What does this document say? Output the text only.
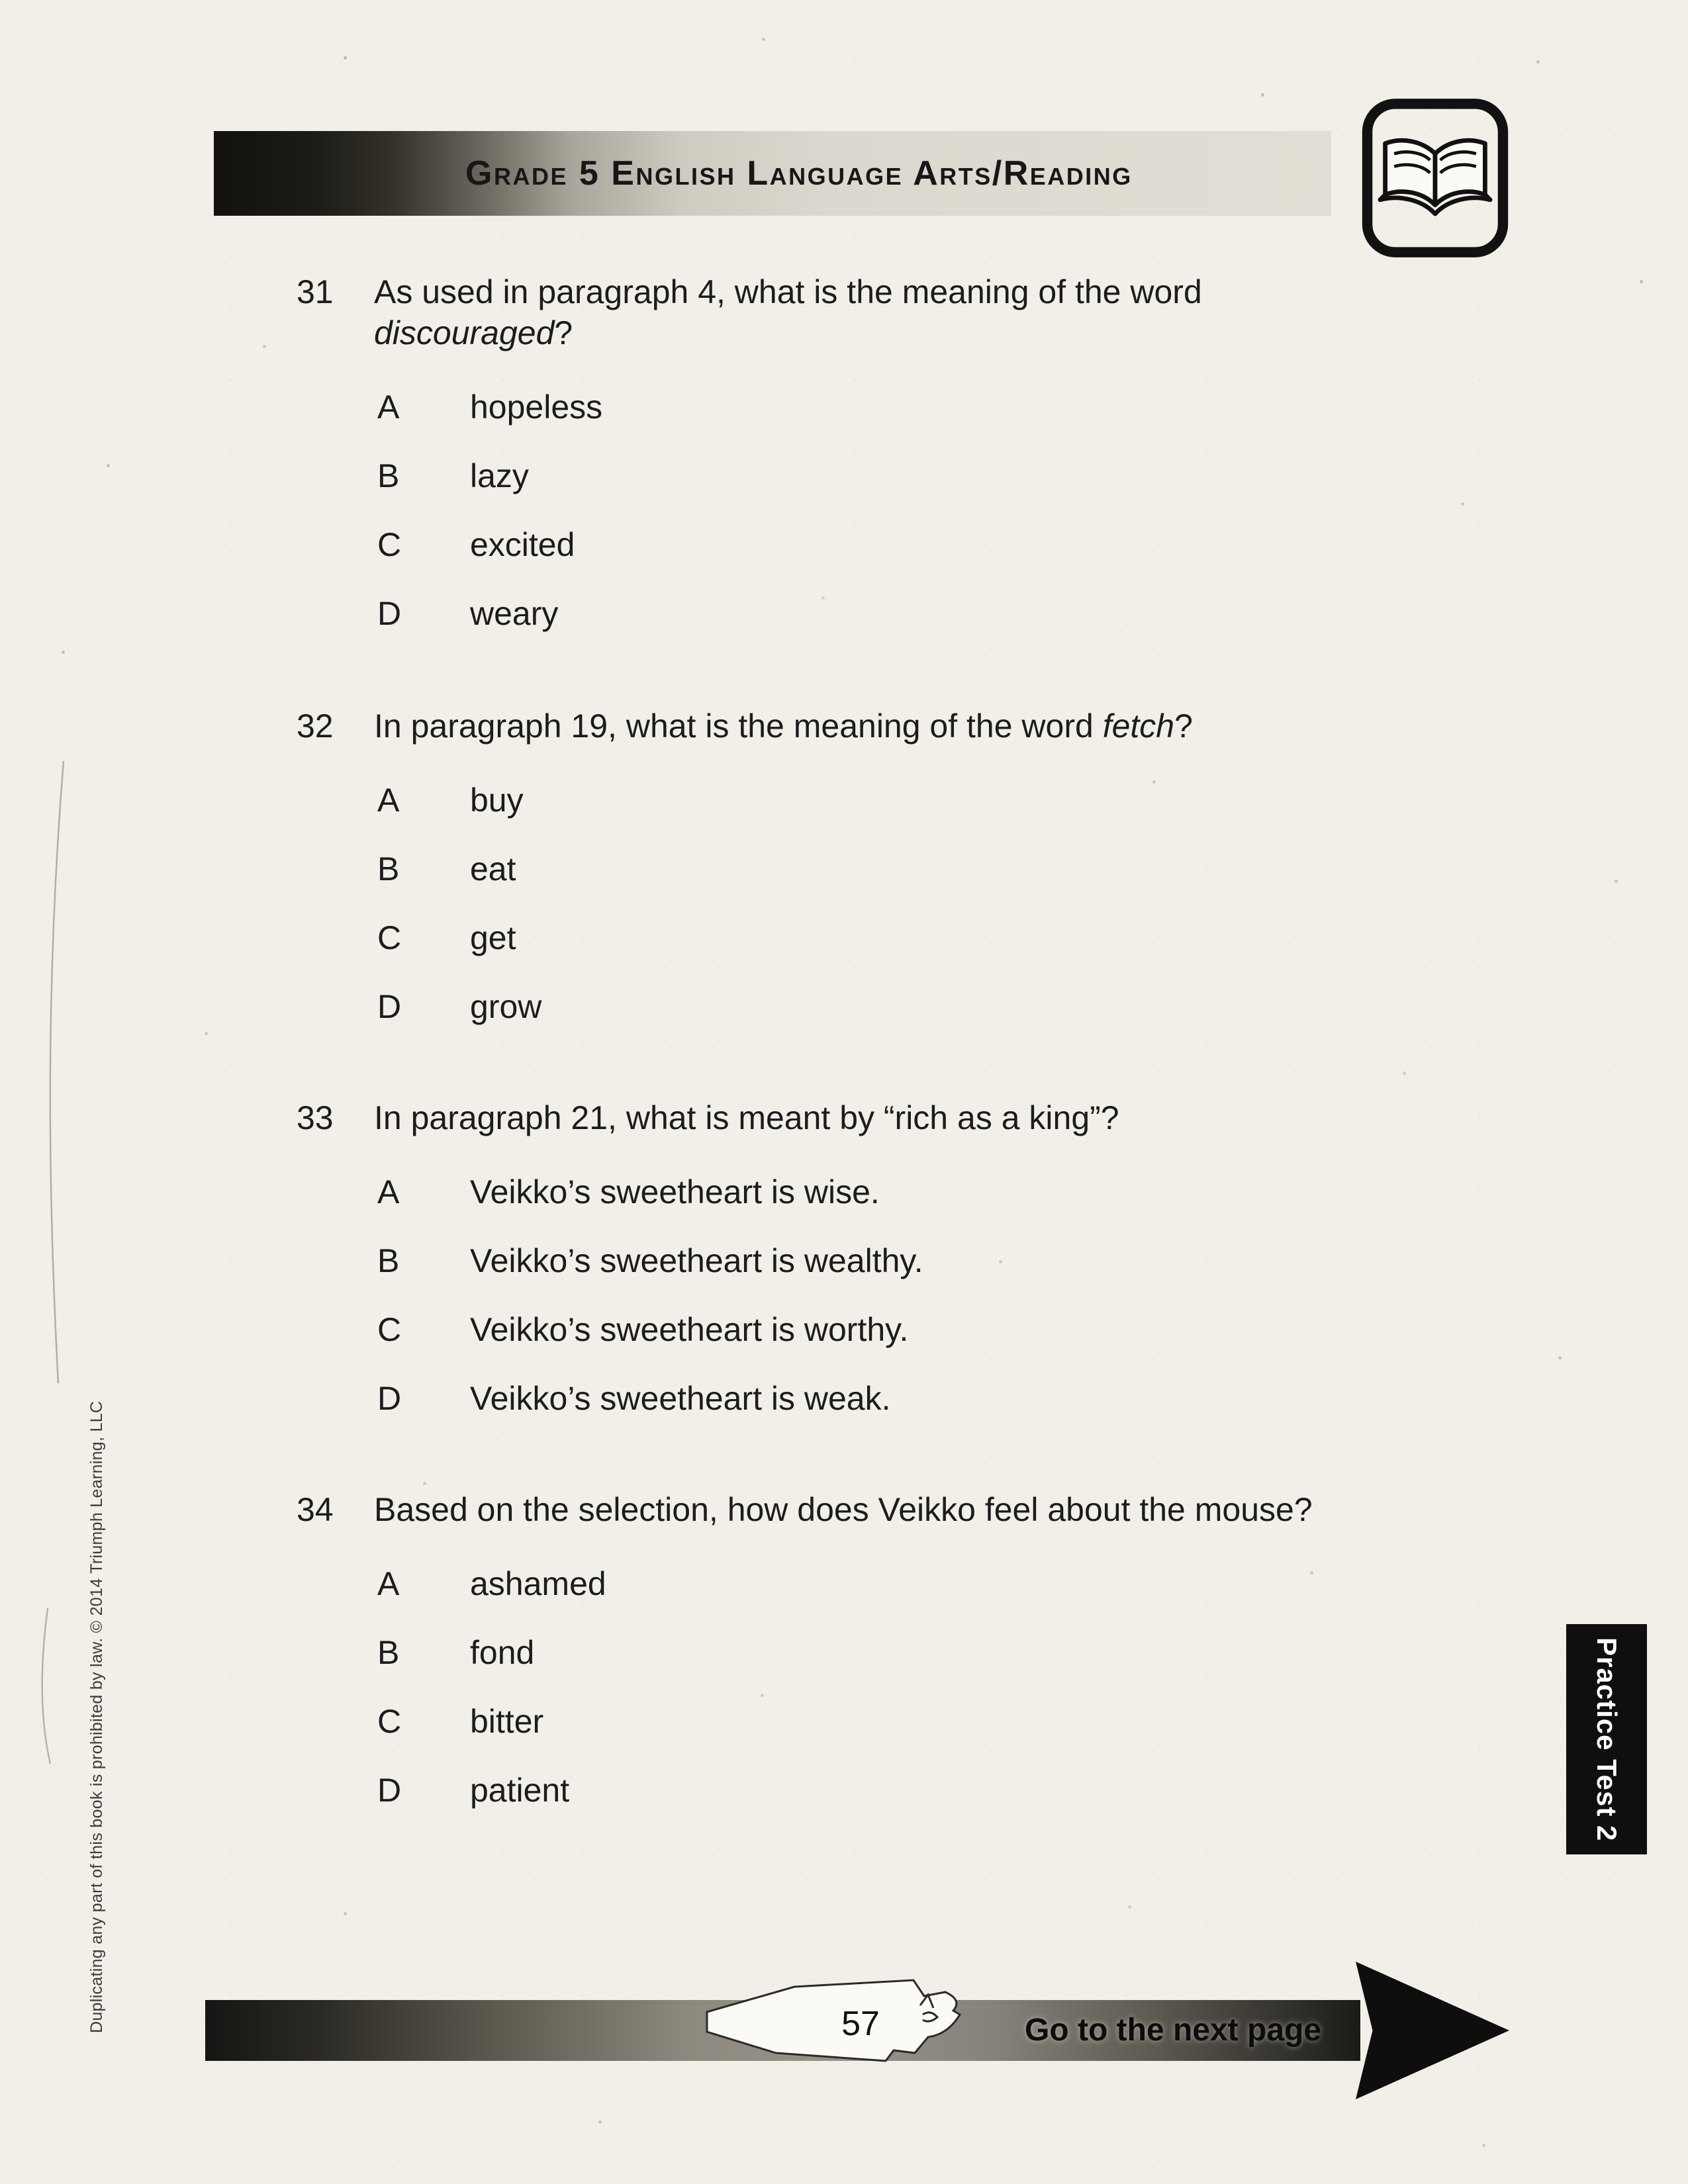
Grade 5 English Language Arts/Reading
31	As used in paragraph 4, what is the meaning of the word discouraged?
A	hopeless
B	lazy
C	excited
D	weary
32	In paragraph 19, what is the meaning of the word fetch?
A	buy
B	eat
C	get
D	grow
33	In paragraph 21, what is meant by “rich as a king”?
A	Veikko’s sweetheart is wise.
B	Veikko’s sweetheart is wealthy.
C	Veikko’s sweetheart is worthy.
D	Veikko’s sweetheart is weak.
34	Based on the selection, how does Veikko feel about the mouse?
A	ashamed
B	fond
C	bitter
D	patient	Practice Test 2
Duplicating any part of this book is prohibited by law. © 2014 Triumph Learning, LLC	57	Go to the next page
